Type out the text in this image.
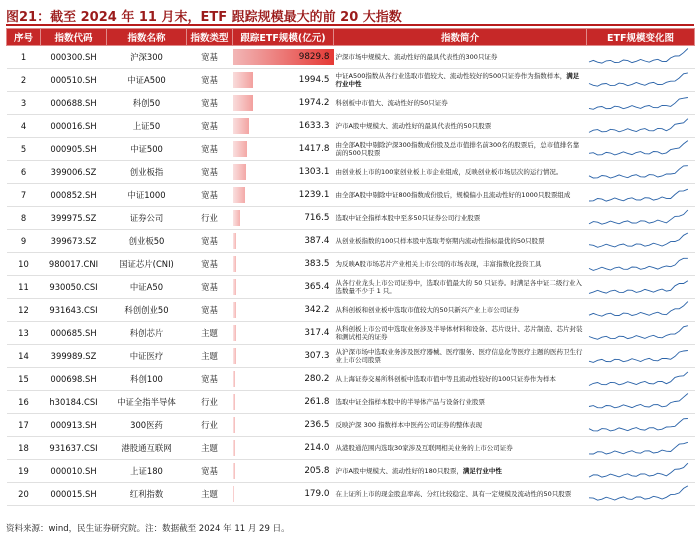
图21：截至 2024 年 11 月末，ETF 跟踪规模最大的前 20 大指数
序号	指数代码	指数名称	指数类型	跟踪ETF规模(亿元)	指数简介	ETF规模变化图
1	000300.SH	沪深300	宽基	9829.8	沪深市场中规模大、流动性好的最具代表性的300只证券	

2	000510.SH	中证A500	宽基	1994.5	中证A500指数从各行业选取市值较大、流动性较好的500只证券作为指数样本，满足行业中性	

3	000688.SH	科创50	宽基	1974.2	科创板中市值大、流动性好的50只证券	

4	000016.SH	上证50	宽基	1633.3	沪市A股中规模大、流动性好的最具代表性的50只股票	

5	000905.SH	中证500	宽基	1417.8	由全部A股中剔除沪深300指数成份股及总市值排名前300名的股票后，总市值排名靠前的500只股票	

6	399006.SZ	创业板指	宽基	1303.1	由创业板上市的100家创业板上市企业组成，反映创业板市场层次的运行情况。	

7	000852.SH	中证1000	宽基	1239.1	由全部A股中剔除中证800指数成份股后，规模偏小且流动性好的1000只股票组成	

8	399975.SZ	证券公司	行业	716.5	选取中证全指样本股中至多50只证券公司行业股票	

9	399673.SZ	创业板50	宽基	387.4	从创业板指数的100只样本股中选取考察期内流动性指标最优的50只股票	

10	980017.CNI	国证芯片(CNI)	宽基	383.5	为反映A股市场芯片产业相关上市公司的市场表现，丰富指数化投资工具	

11	930050.CSI	中证A50	宽基	365.4	从各行业龙头上市公司证券中，选取市值最大的 50 只证券。时满足各中证二级行业入选数量不少于 1 只。	

12	931643.CSI	科创创业50	宽基	342.2	从科创板和创业板中选取市值较大的50只新兴产业上市公司证券	

13	000685.SH	科创芯片	主题	317.4	从科创板上市公司中选取业务涉及半导体材料和设备、芯片设计、芯片制造、芯片封装和测试相关的证券	

14	399989.SZ	中证医疗	主题	307.3	从沪深市场中选取业务涉及医疗器械、医疗服务、医疗信息化等医疗主题的医药卫生行业上市公司股票	

15	000698.SH	科创100	宽基	280.2	从上海证券交易所科创板中选取市值中等且流动性较好的100只证券作为样本	

16	h30184.CSI	中证全指半导体	行业	261.8	选取中证全指样本股中的半导体产品与设备行业股票	

17	000913.SH	300医药	行业	236.5	反映沪深 300 指数样本中医药公司证券的整体表现	

18	931637.CSI	港股通互联网	主题	214.0	从港股通范围内选取30家涉及互联网相关业务的上市公司证券	

19	000010.SH	上证180	宽基	205.8	沪市A股中规模大、流动性好的180只股票，满足行业中性	

20	000015.SH	红利指数	主题	179.0	在上证所上市的现金股息率高、分红比较稳定、具有一定规模及流动性的50只股票	
资料来源：wind，民生证券研究院。注：数据截至 2024 年 11 月 29 日。
